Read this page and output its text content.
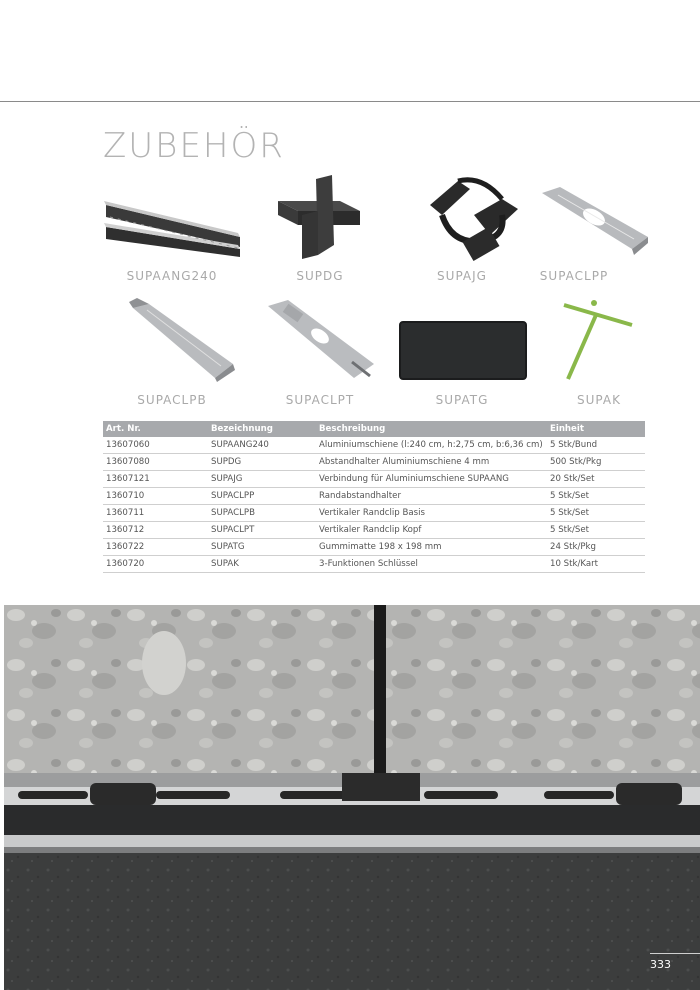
ZUBEHÖR
SUPAANG240	SUPDG	SUPAJG	SUPACLPP
SUPACLPB	SUPACLPT	SUPATG	SUPAK
Art. Nr.	Bezeichnung	Beschreibung	Einheit
13607060	SUPAANG240	Aluminiumschiene (l:240 cm, h:2,75 cm, b:6,36 cm)	5 Stk/Bund
13607080	SUPDG	Abstandhalter Aluminiumschiene 4 mm	500 Stk/Pkg
13607121	SUPAJG	Verbindung für Aluminiumschiene SUPAANG	20 Stk/Set
1360710	SUPACLPP	Randabstandhalter	5 Stk/Set
1360711	SUPACLPB	Vertikaler Randclip Basis	5 Stk/Set
1360712	SUPACLPT	Vertikaler Randclip Kopf	5 Stk/Set
1360722	SUPATG	Gummimatte 198 x 198 mm	24 Stk/Pkg
1360720	SUPAK	3-Funktionen Schlüssel	10 Stk/Kart
333
